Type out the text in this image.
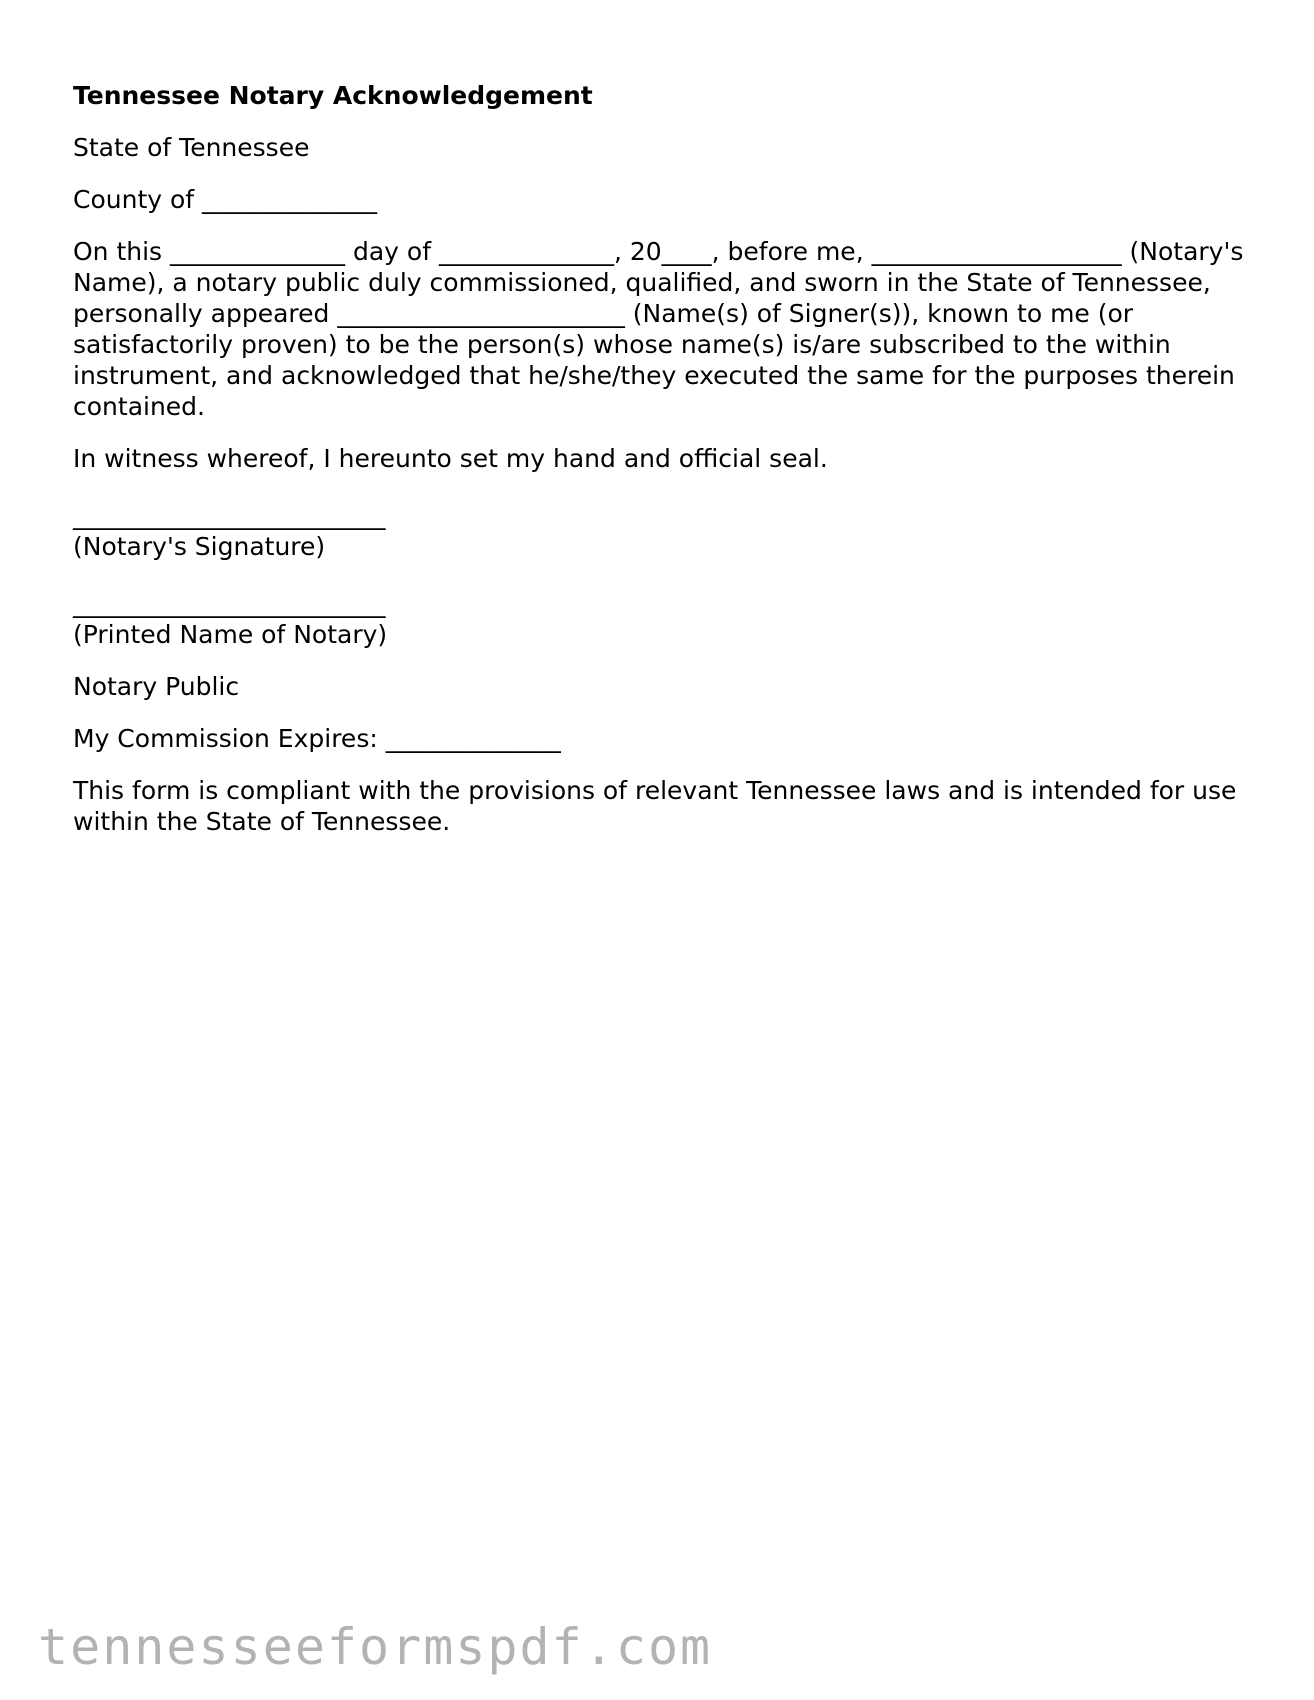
Tennessee Notary Acknowledgement

State of Tennessee

County of ______________

On this ______________ day of ______________, 20____, before me, ____________________ (Notary's Name), a notary public duly commissioned, qualified, and sworn in the State of Tennessee, personally appeared _______________________ (Name(s) of Signer(s)), known to me (or satisfactorily proven) to be the person(s) whose name(s) is/are subscribed to the within instrument, and acknowledged that he/she/they executed the same for the purposes therein contained.

In witness whereof, I hereunto set my hand and official seal.

_________________________
(Notary's Signature)
_________________________
(Printed Name of Notary)

Notary Public

My Commission Expires: ______________

This form is compliant with the provisions of relevant Tennessee laws and is intended for use within the State of Tennessee.

tennesseeformspdf.com
